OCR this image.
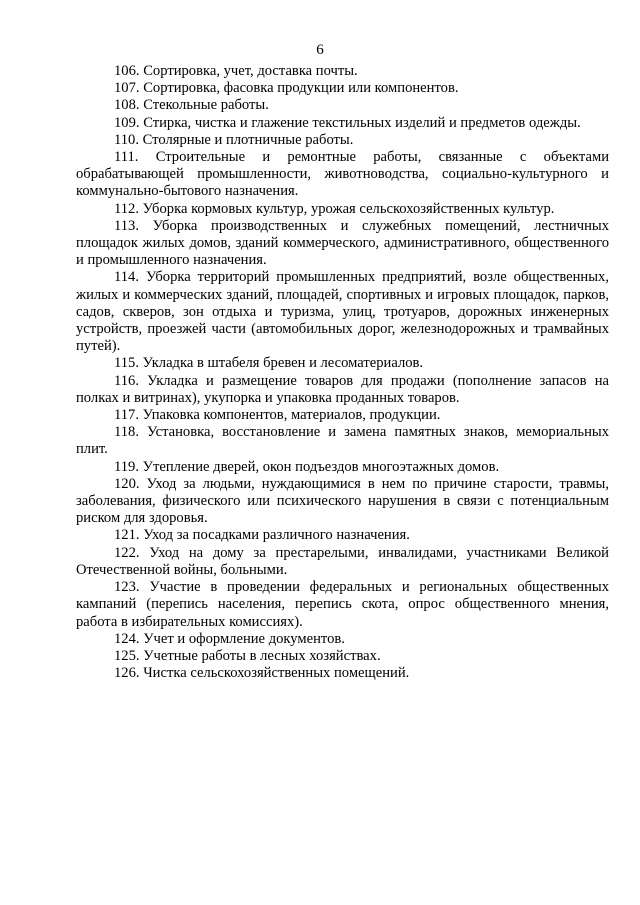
6
106. Сортировка, учет, доставка почты.
107. Сортировка, фасовка продукции или компонентов.
108. Стекольные работы.
109. Стирка, чистка и глажение текстильных изделий и предметов одежды.
110. Столярные и плотничные работы.
111. Строительные и ремонтные работы, связанные с объектами обрабатывающей промышленности, животноводства, социально-культурного и коммунально-бытового назначения.
112. Уборка кормовых культур, урожая сельскохозяйственных культур.
113. Уборка производственных и служебных помещений, лестничных площадок жилых домов, зданий коммерческого, административного, общественного и промышленного назначения.
114. Уборка территорий промышленных предприятий, возле общественных, жилых и коммерческих зданий, площадей, спортивных и игровых площадок, парков, садов, скверов, зон отдыха и туризма, улиц, тротуаров, дорожных инженерных устройств, проезжей части (автомобильных дорог, железнодорожных и трамвайных путей).
115. Укладка в штабеля бревен и лесоматериалов.
116. Укладка и размещение товаров для продажи (пополнение запасов на полках и витринах), укупорка и упаковка проданных товаров.
117. Упаковка компонентов, материалов, продукции.
118. Установка, восстановление и замена памятных знаков, мемориальных плит.
119. Утепление дверей, окон подъездов многоэтажных домов.
120. Уход за людьми, нуждающимися в нем по причине старости, травмы, заболевания, физического или психического нарушения в связи с потенциальным риском для здоровья.
121. Уход за посадками различного назначения.
122. Уход на дому за престарелыми, инвалидами, участниками Великой Отечественной войны, больными.
123. Участие в проведении федеральных и региональных общественных кампаний (перепись населения, перепись скота, опрос общественного мнения, работа в избирательных комиссиях).
124. Учет и оформление документов.
125. Учетные работы в лесных хозяйствах.
126. Чистка сельскохозяйственных помещений.
